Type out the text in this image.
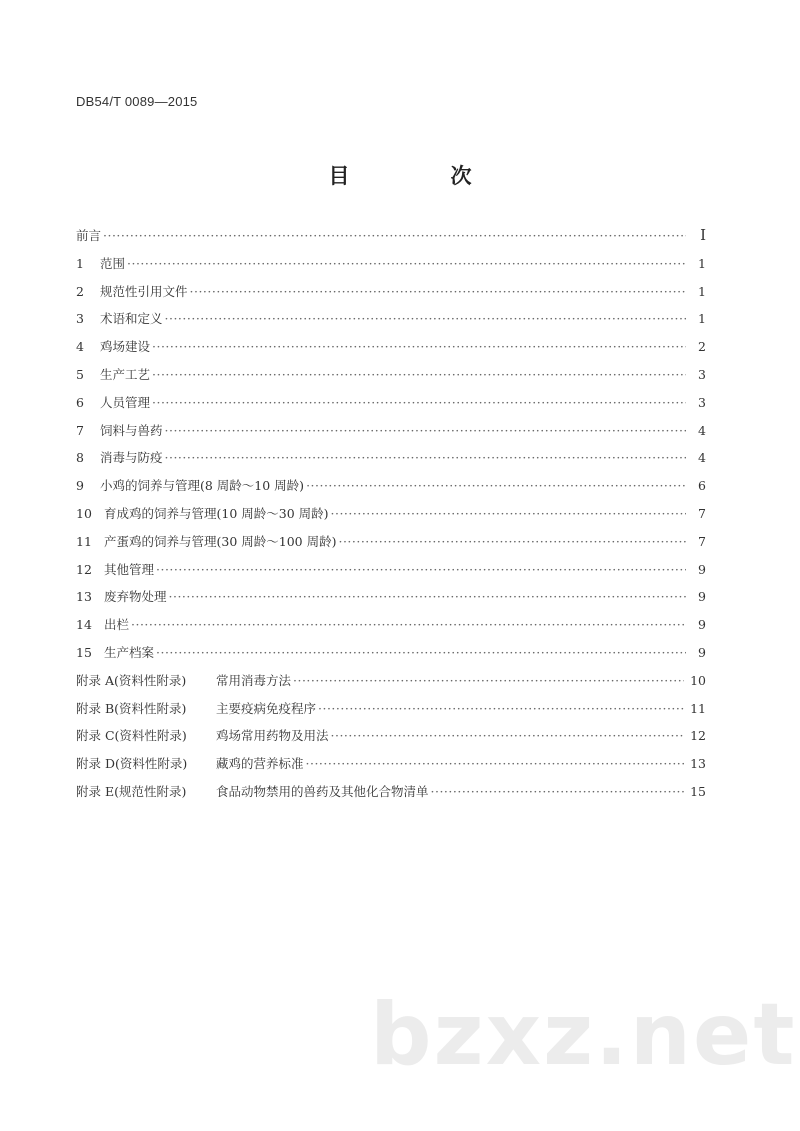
DB54/T 0089—2015
目　次
前言 ·····	I
1	范围 ·····	1
2	规范性引用文件 ·····	1
3	术语和定义 ·····	1
4	鸡场建设 ·····	2
5	生产工艺 ·····	3
6	人员管理 ·····	3
7	饲料与兽药 ·····	4
8	消毒与防疫 ·····	4
9	小鸡的饲养与管理(8 周龄～10 周龄) ·····	6
10 育成鸡的饲养与管理(10 周龄～30 周龄) ·····	7
11 产蛋鸡的饲养与管理(30 周龄～100 周龄) ·····	7
12 其他管理 ·····	9
13 废弃物处理 ·····	9
14 出栏 ·····	9
15 生产档案 ·····	9
附录 A(资料性附录)	常用消毒方法 ·····	10
附录 B(资料性附录)	主要疫病免疫程序 ·····	11
附录 C(资料性附录)	鸡场常用药物及用法 ·····	12
附录 D(资料性附录)	藏鸡的营养标准 ·····	13
附录 E(规范性附录)	食品动物禁用的兽药及其他化合物清单 ·····	15
bzxz.net
